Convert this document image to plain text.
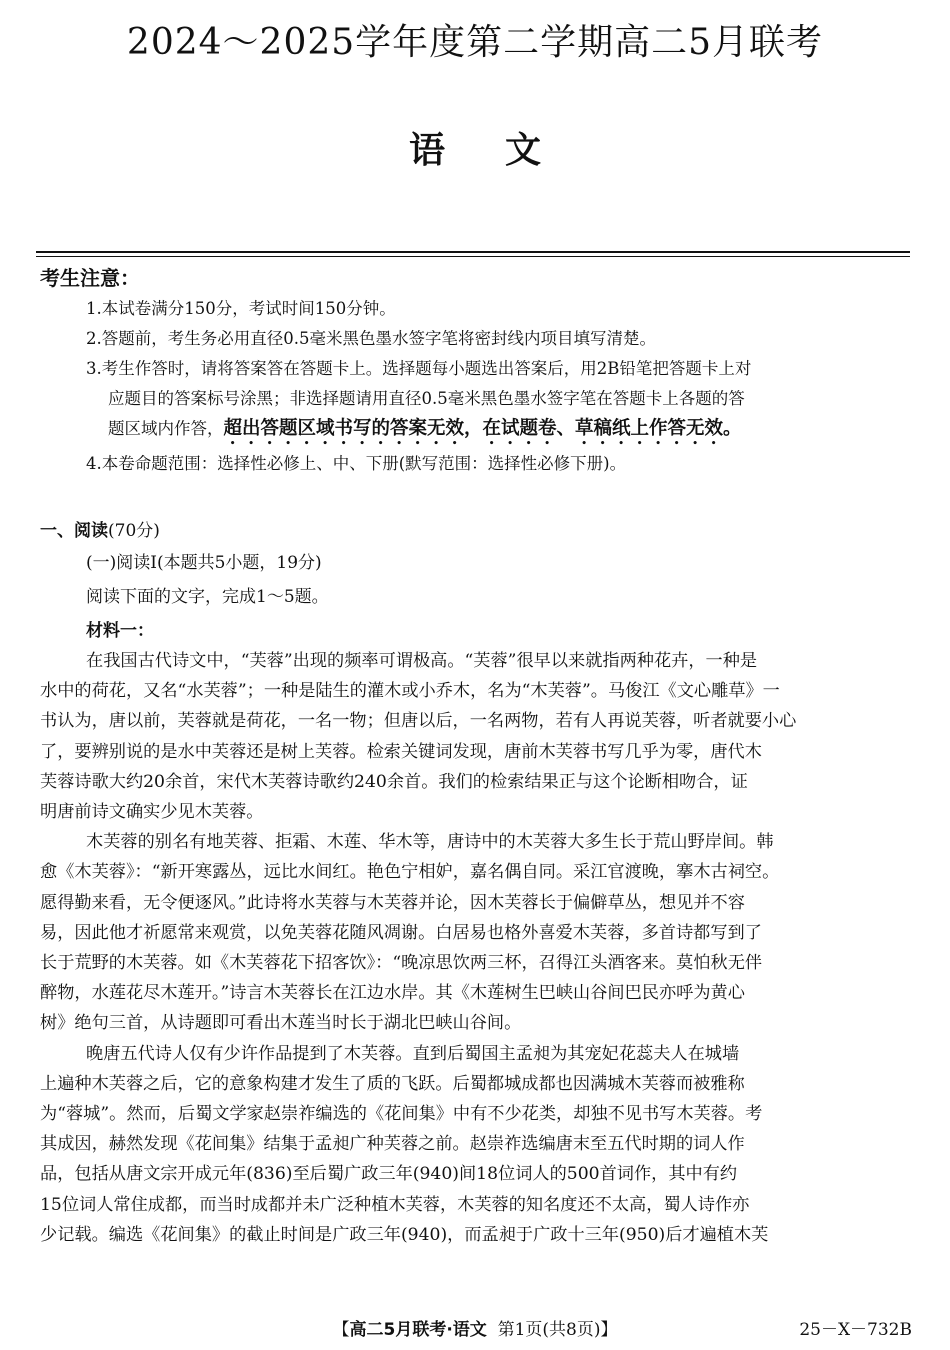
2024～2025学年度第二学期高二5月联考
语文
考生注意：

1.本试卷满分150分，考试时间150分钟。

2.答题前，考生务必用直径0.5毫米黑色墨水签字笔将密封线内项目填写清楚。

3.考生作答时，请将答案答在答题卡上。选择题每小题选出答案后，用2B铅笔把答题卡上对
应题目的答案标号涂黑；非选择题请用直径0.5毫米黑色墨水签字笔在答题卡上各题的答
题区域内作答，超出答题区域书写的答案无效，在试题卷、草稿纸上作答无效。

4.本卷命题范围：选择性必修上、中、下册(默写范围：选择性必修下册)。

一、阅读(70分)
(一)阅读Ⅰ(本题共5小题，19分)
阅读下面的文字，完成1～5题。
材料一：

在我国古代诗文中，“芙蓉”出现的频率可谓极高。“芙蓉”很早以来就指两种花卉，一种是
水中的荷花，又名“水芙蓉”；一种是陆生的灌木或小乔木，名为“木芙蓉”。马俊江《文心雕草》一
书认为，唐以前，芙蓉就是荷花，一名一物；但唐以后，一名两物，若有人再说芙蓉，听者就要小心
了，要辨别说的是水中芙蓉还是树上芙蓉。检索关键词发现，唐前木芙蓉书写几乎为零，唐代木
芙蓉诗歌大约20余首，宋代木芙蓉诗歌约240余首。我们的检索结果正与这个论断相吻合，证
明唐前诗文确实少见木芙蓉。

木芙蓉的别名有地芙蓉、拒霜、木莲、华木等，唐诗中的木芙蓉大多生长于荒山野岸间。韩
愈《木芙蓉》：“新开寒露丛，远比水间红。艳色宁相妒，嘉名偶自同。采江官渡晚，搴木古祠空。
愿得勤来看，无令便逐风。”此诗将水芙蓉与木芙蓉并论，因木芙蓉长于偏僻草丛，想见并不容
易，因此他才祈愿常来观赏，以免芙蓉花随风凋谢。白居易也格外喜爱木芙蓉，多首诗都写到了
长于荒野的木芙蓉。如《木芙蓉花下招客饮》：“晚凉思饮两三杯，召得江头酒客来。莫怕秋无伴
醉物，水莲花尽木莲开。”诗言木芙蓉长在江边水岸。其《木莲树生巴峡山谷间巴民亦呼为黄心
树》绝句三首，从诗题即可看出木莲当时长于湖北巴峡山谷间。

晚唐五代诗人仅有少许作品提到了木芙蓉。直到后蜀国主孟昶为其宠妃花蕊夫人在城墙
上遍种木芙蓉之后，它的意象构建才发生了质的飞跃。后蜀都城成都也因满城木芙蓉而被雅称
为“蓉城”。然而，后蜀文学家赵崇祚编选的《花间集》中有不少花类，却独不见书写木芙蓉。考
其成因，赫然发现《花间集》结集于孟昶广种芙蓉之前。赵崇祚选编唐末至五代时期的词人作
品，包括从唐文宗开成元年(836)至后蜀广政三年(940)间18位词人的500首词作，其中有约
15位词人常住成都，而当时成都并未广泛种植木芙蓉，木芙蓉的知名度还不太高，蜀人诗作亦
少记载。编选《花间集》的截止时间是广政三年(940)，而孟昶于广政十三年(950)后才遍植木芙

【高二5月联考·语文 第1页(共8页)】	25－X－732B
